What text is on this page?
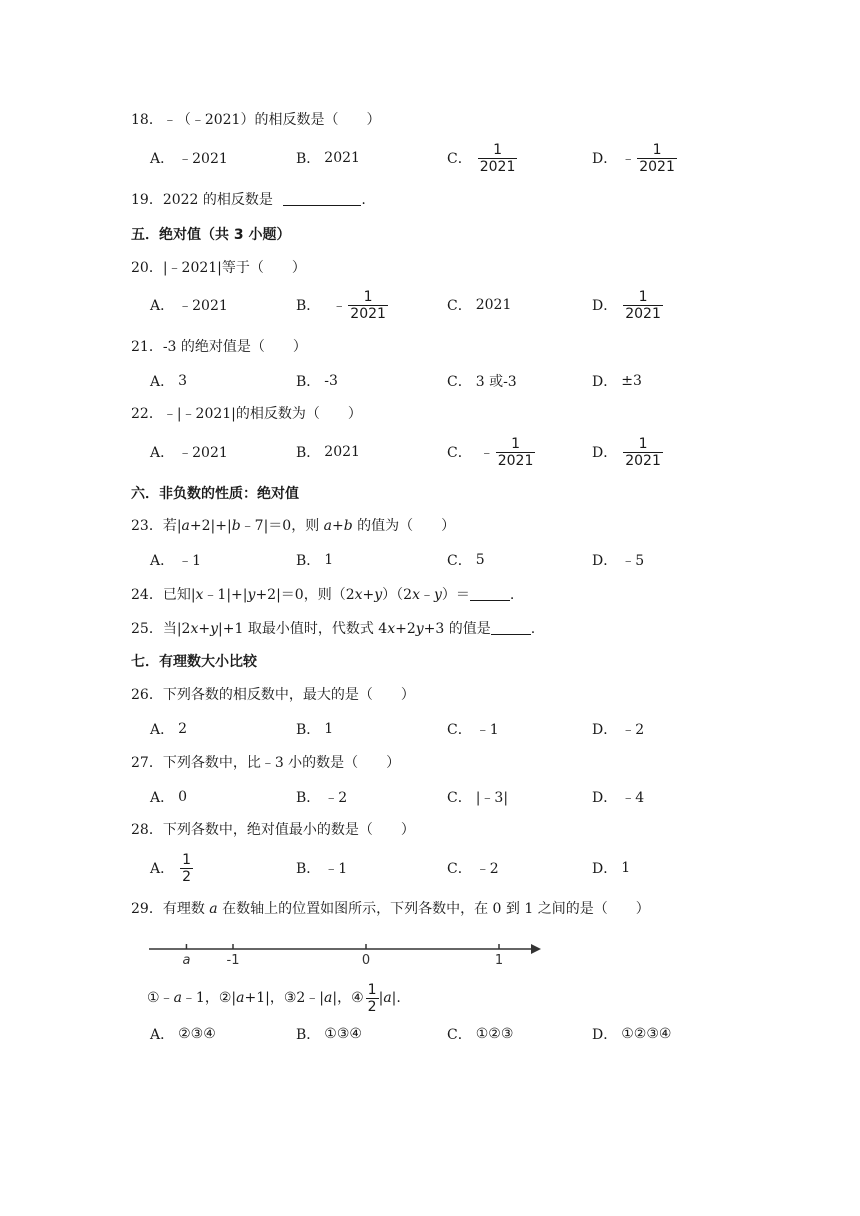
18．﹣（﹣2021）的相反数是（　　）
A． ﹣2021	B． 2021	C． $\frac{1}{2021}$	D． ﹣ $\frac{1}{2021}$
19．2022 的相反数是	.
五．绝对值（共 3 小题）
20．|﹣2021|等于（　　）
A． ﹣2021	B． ﹣ $\frac{1}{2021}$	C． 2021	D． $\frac{1}{2021}$
21．-3 的绝对值是（　　）
A． 3	B． -3	C． 3 或-3	D． ±3
22．﹣|﹣2021|的相反数为（　　）
A． ﹣2021	B． 2021	C． ﹣ $\frac{1}{2021}$	D． $\frac{1}{2021}$
六．非负数的性质：绝对值
23．若|a+2|+|b﹣7|＝0，则 a+b 的值为（　　）
A． ﹣1	B． 1	C． 5	D． ﹣5
24．已知|x﹣1|+|y+2|＝0，则（2x+y）（2x﹣y）＝	.
25．当|2x+y|+1 取最小值时，代数式 4x+2y+3 的值是	.
七．有理数大小比较
26．下列各数的相反数中，最大的是（　　）
A． 2	B． 1	C． ﹣1	D． ﹣2
27．下列各数中，比﹣3 小的数是（　　）
A． 0	B． ﹣2	C． |﹣3|	D． ﹣4
28．下列各数中，绝对值最小的数是（　　）
A． $\frac{1}{2}$	B． ﹣1	C． ﹣2	D． 1
29．有理数 a 在数轴上的位置如图所示，下列各数中，在 0 到 1 之间的是（　　）
a	-1	0	1
①﹣ a ﹣1， ②| a +1|， ③2﹣| a |， ④ $\frac{1}{2}$ | a |.
A． ②③④	B． ①③④	C． ①②③	D． ①②③④
